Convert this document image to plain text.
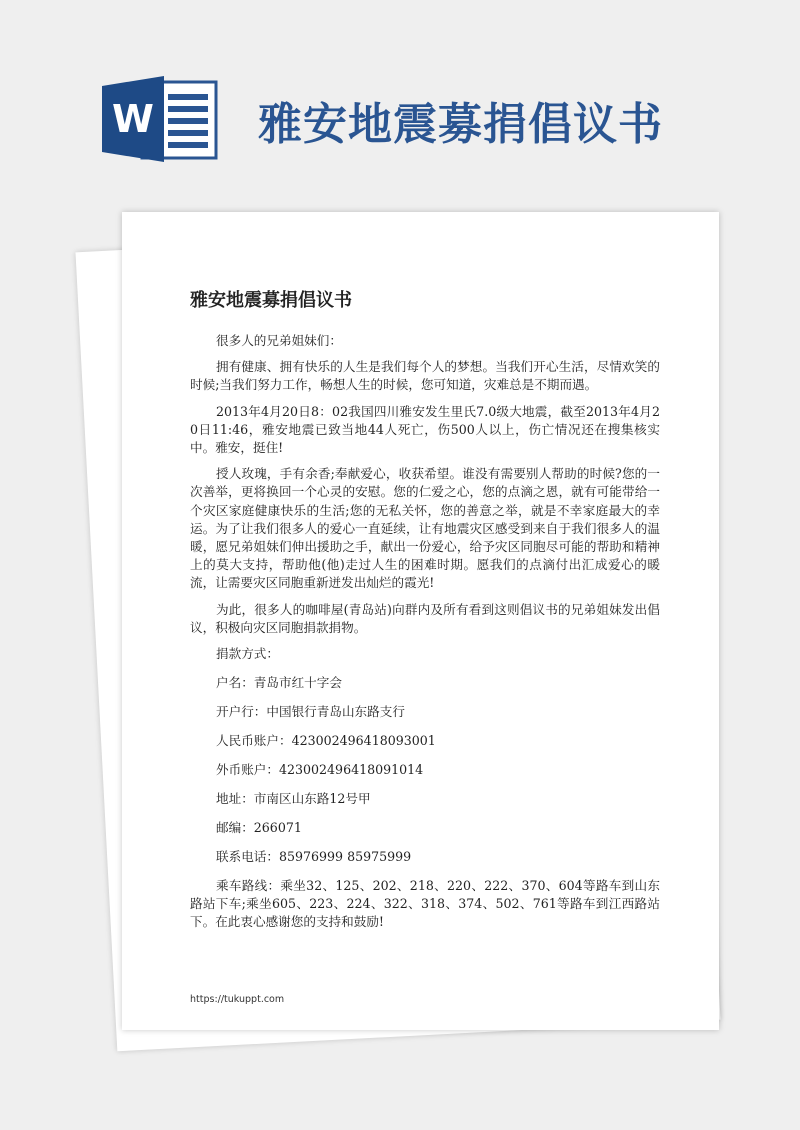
W 雅安地震募捐倡议书
雅安地震募捐倡议书

很多人的兄弟姐妹们：

拥有健康、拥有快乐的人生是我们每个人的梦想。当我们开心生活，尽情欢笑的时候;当我们努力工作，畅想人生的时候，您可知道，灾难总是不期而遇。

2013年4月20日8：02我国四川雅安发生里氏7.0级大地震，截至2013年4月20日11:46，雅安地震已致当地44人死亡，伤500人以上，伤亡情况还在搜集核实中。雅安，挺住!

授人玫瑰，手有余香;奉献爱心，收获希望。谁没有需要别人帮助的时候?您的一次善举，更将换回一个心灵的安慰。您的仁爱之心，您的点滴之恩，就有可能带给一个灾区家庭健康快乐的生活;您的无私关怀，您的善意之举，就是不幸家庭最大的幸运。为了让我们很多人的爱心一直延续，让有地震灾区感受到来自于我们很多人的温暖，愿兄弟姐妹们伸出援助之手，献出一份爱心，给予灾区同胞尽可能的帮助和精神上的莫大支持，帮助他(他)走过人生的困难时期。愿我们的点滴付出汇成爱心的暖流，让需要灾区同胞重新迸发出灿烂的霞光!

为此，很多人的咖啡屋(青岛站)向群内及所有看到这则倡议书的兄弟姐妹发出倡议，积极向灾区同胞捐款捐物。

捐款方式：
户名：青岛市红十字会
开户行：中国银行青岛山东路支行
人民币账户：423002496418093001
外币账户：423002496418091014
地址：市南区山东路12号甲
邮编：266071
联系电话：85976999 85975999

乘车路线：乘坐32、125、202、218、220、222、370、604等路车到山东路站下车;乘坐605、223、224、322、318、374、502、761等路车到江西路站下。在此衷心感谢您的支持和鼓励!

https://tukuppt.com
